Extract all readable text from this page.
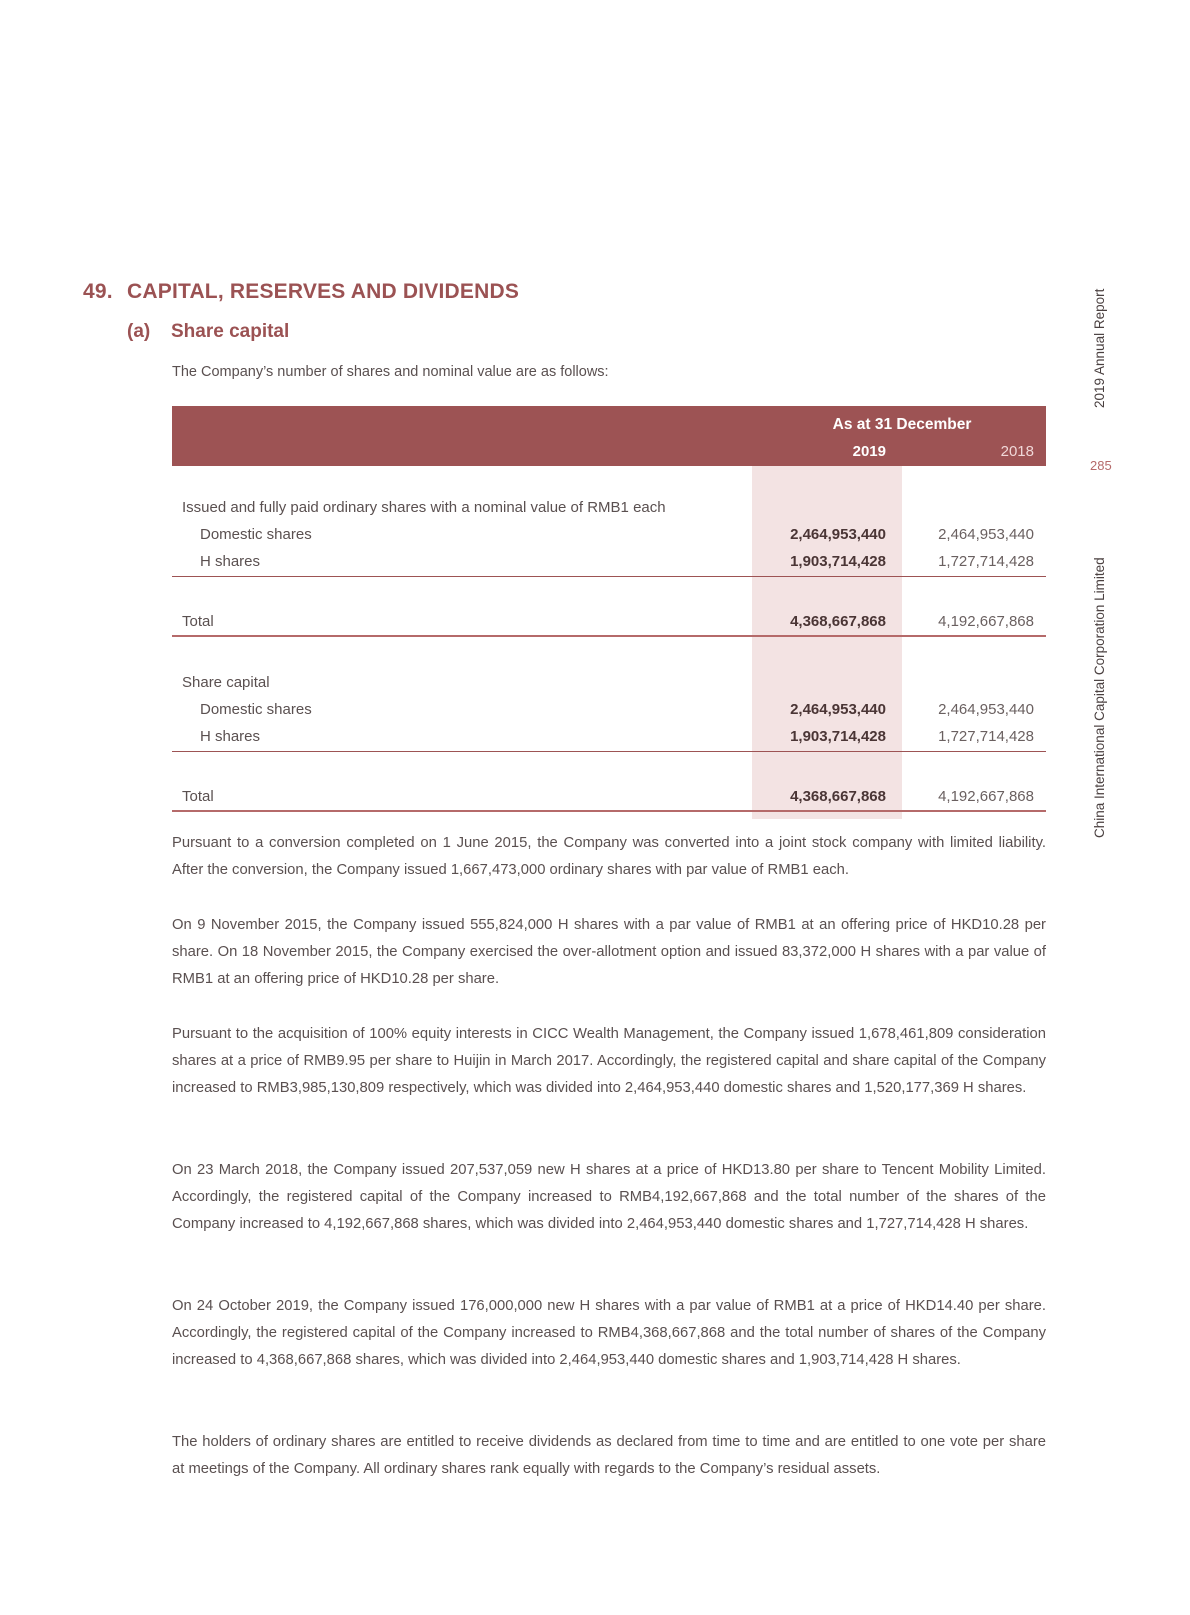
49. CAPITAL, RESERVES AND DIVIDENDS
(a) Share capital
The Company’s number of shares and nominal value are as follows:
As at 31 December
2019	2018
Issued and fully paid ordinary shares with a nominal value of RMB1 each
Domestic shares	2,464,953,440	2,464,953,440
H shares	1,903,714,428	1,727,714,428
Total	4,368,667,868	4,192,667,868
Share capital
Domestic shares	2,464,953,440	2,464,953,440
H shares	1,903,714,428	1,727,714,428
Total	4,368,667,868	4,192,667,868

Pursuant to a conversion completed on 1 June 2015, the Company was converted into a joint stock company with limited liability. After the conversion, the Company issued 1,667,473,000 ordinary shares with par value of RMB1 each.

On 9 November 2015, the Company issued 555,824,000 H shares with a par value of RMB1 at an offering price of HKD10.28 per share. On 18 November 2015, the Company exercised the over-allotment option and issued 83,372,000 H shares with a par value of RMB1 at an offering price of HKD10.28 per share.

Pursuant to the acquisition of 100% equity interests in CICC Wealth Management, the Company issued 1,678,461,809 consideration shares at a price of RMB9.95 per share to Huijin in March 2017. Accordingly, the registered capital and share capital of the Company increased to RMB3,985,130,809 respectively, which was divided into 2,464,953,440 domestic shares and 1,520,177,369 H shares.

On 23 March 2018, the Company issued 207,537,059 new H shares at a price of HKD13.80 per share to Tencent Mobility Limited. Accordingly, the registered capital of the Company increased to RMB4,192,667,868 and the total number of the shares of the Company increased to 4,192,667,868 shares, which was divided into 2,464,953,440 domestic shares and 1,727,714,428 H shares.

On 24 October 2019, the Company issued 176,000,000 new H shares with a par value of RMB1 at a price of HKD14.40 per share. Accordingly, the registered capital of the Company increased to RMB4,368,667,868 and the total number of shares of the Company increased to 4,368,667,868 shares, which was divided into 2,464,953,440 domestic shares and 1,903,714,428 H shares.

The holders of ordinary shares are entitled to receive dividends as declared from time to time and are entitled to one vote per share at meetings of the Company. All ordinary shares rank equally with regards to the Company’s residual assets.

2019 Annual Report
285
China International Capital Corporation Limited
